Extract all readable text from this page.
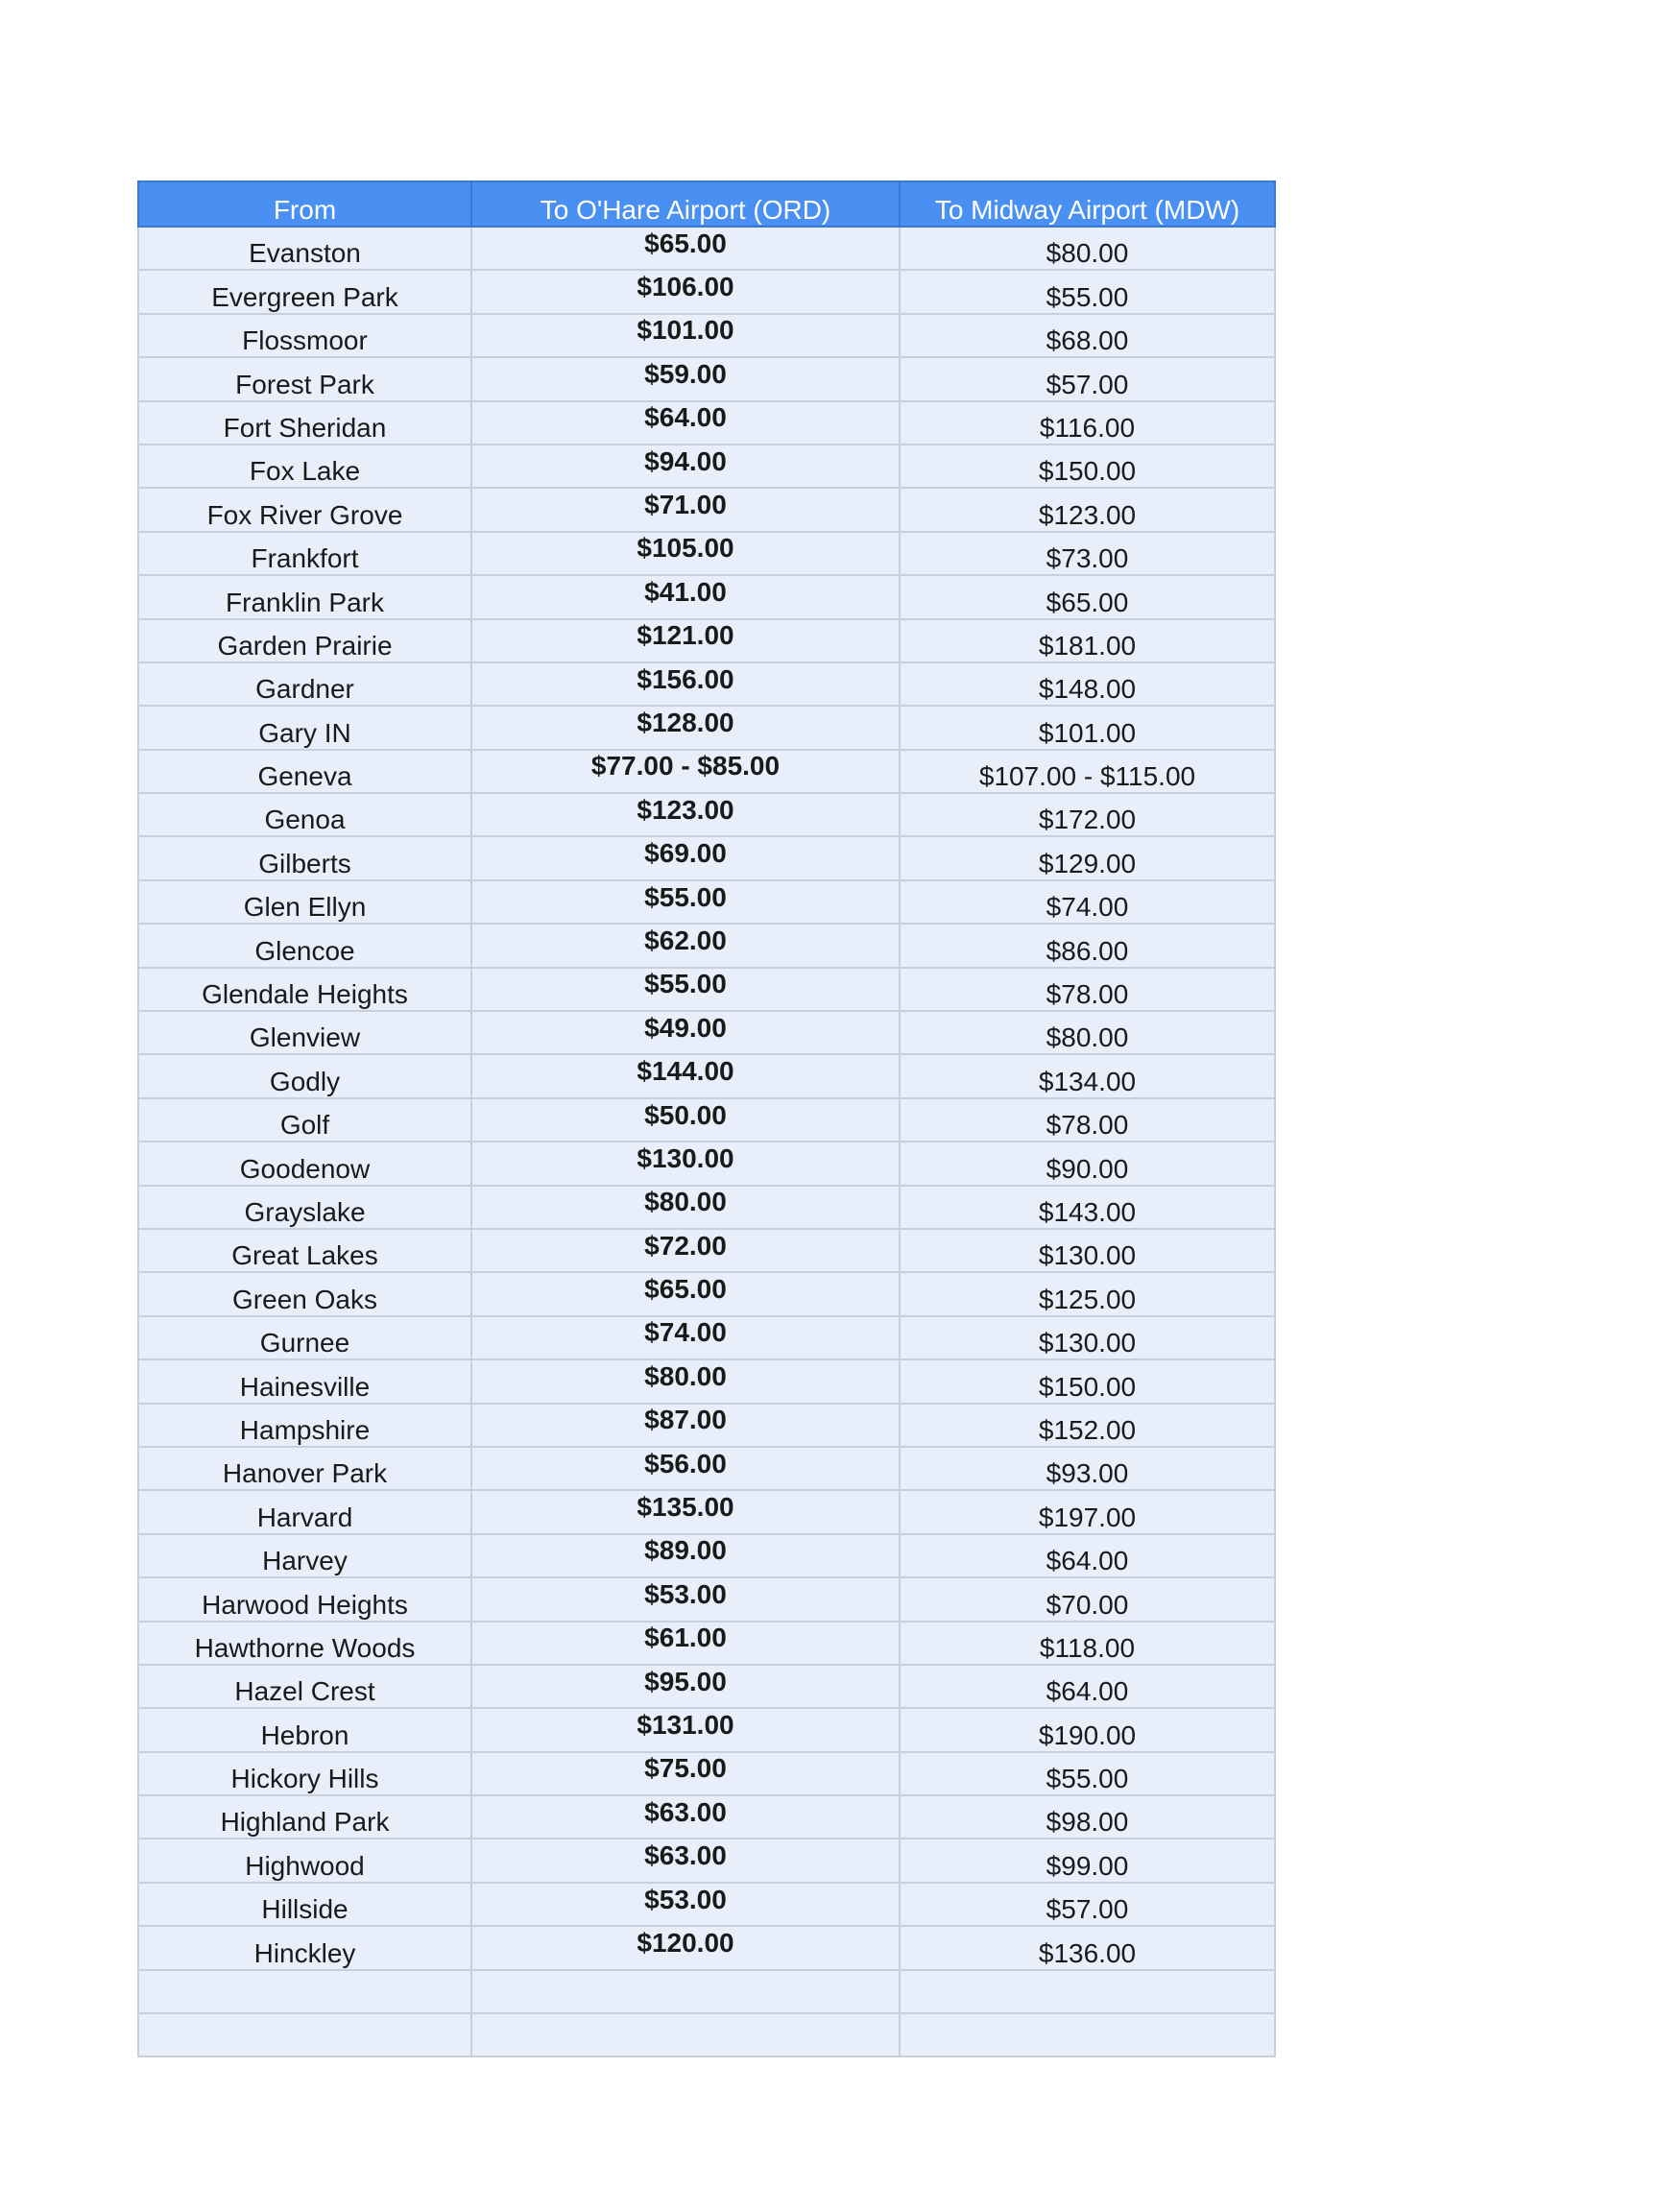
From	To O'Hare Airport (ORD)	To Midway Airport (MDW)
Evanston	$65.00	$80.00
Evergreen Park	$106.00	$55.00
Flossmoor	$101.00	$68.00
Forest Park	$59.00	$57.00
Fort Sheridan	$64.00	$116.00
Fox Lake	$94.00	$150.00
Fox River Grove	$71.00	$123.00
Frankfort	$105.00	$73.00
Franklin Park	$41.00	$65.00
Garden Prairie	$121.00	$181.00
Gardner	$156.00	$148.00
Gary IN	$128.00	$101.00
Geneva	$77.00 - $85.00	$107.00 - $115.00
Genoa	$123.00	$172.00
Gilberts	$69.00	$129.00
Glen Ellyn	$55.00	$74.00
Glencoe	$62.00	$86.00
Glendale Heights	$55.00	$78.00
Glenview	$49.00	$80.00
Godly	$144.00	$134.00
Golf	$50.00	$78.00
Goodenow	$130.00	$90.00
Grayslake	$80.00	$143.00
Great Lakes	$72.00	$130.00
Green Oaks	$65.00	$125.00
Gurnee	$74.00	$130.00
Hainesville	$80.00	$150.00
Hampshire	$87.00	$152.00
Hanover Park	$56.00	$93.00
Harvard	$135.00	$197.00
Harvey	$89.00	$64.00
Harwood Heights	$53.00	$70.00
Hawthorne Woods	$61.00	$118.00
Hazel Crest	$95.00	$64.00
Hebron	$131.00	$190.00
Hickory Hills	$75.00	$55.00
Highland Park	$63.00	$98.00
Highwood	$63.00	$99.00
Hillside	$53.00	$57.00
Hinckley	$120.00	$136.00
